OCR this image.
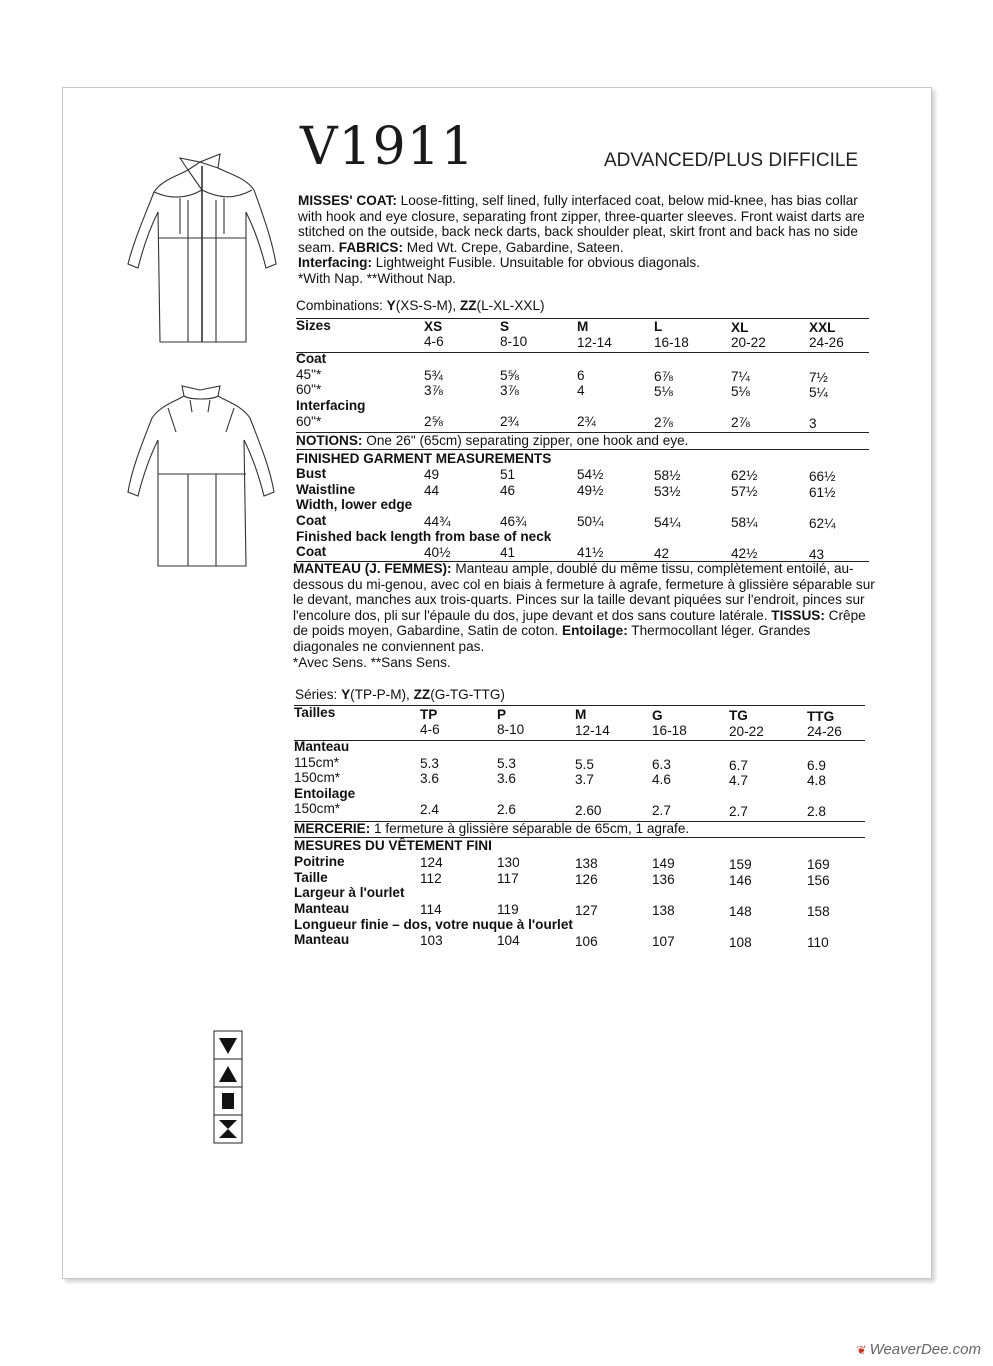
V1911	ADVANCED/PLUS DIFFICILE
MISSES' COAT: Loose-fitting, self lined, fully interfaced coat, below mid-knee, has bias collar with hook and eye closure, separating front zipper, three-quarter sleeves. Front waist darts are stitched on the outside, back neck darts, back shoulder pleat, skirt front and back has no side seam. FABRICS: Med Wt. Crepe, Gabardine, Sateen.
Interfacing: Lightweight Fusible. Unsuitable for obvious diagonals.
*With Nap. **Without Nap.
Combinations: Y(XS-S-M), ZZ(L-XL-XXL)
Sizes	XS	S	M	L	XL	XXL
4-6	8-10	12-14	16-18	20-22	24-26
Coat
45"*	5¾	5⅝	6	6⅞	7¼	7½
60"*	3⅞	3⅞	4	5⅛	5⅛	5¼
Interfacing
60"*	2⅝	2¾	2¾	2⅞	2⅞	3
NOTIONS: One 26" (65cm) separating zipper, one hook and eye.
FINISHED GARMENT MEASUREMENTS
Bust	49	51	54½	58½	62½	66½
Waistline	44	46	49½	53½	57½	61½
Width, lower edge
Coat	44¾	46¾	50¼	54¼	58¼	62¼
Finished back length from base of neck
Coat	40½	41	41½	42	42½	43
MANTEAU (J. FEMMES): Manteau ample, doublé du même tissu, complètement entoilé, au-dessous du mi-genou, avec col en biais à fermeture à agrafe, fermeture à glissière séparable sur le devant, manches aux trois-quarts. Pinces sur la taille devant piquées sur l'endroit, pinces sur l'encolure dos, pli sur l'épaule du dos, jupe devant et dos sans couture latérale. TISSUS: Crêpe de poids moyen, Gabardine, Satin de coton. Entoilage: Thermocollant léger. Grandes diagonales ne conviennent pas.
*Avec Sens. **Sans Sens.
Séries: Y(TP-P-M), ZZ(G-TG-TTG)
Tailles	TP	P	M	G	TG	TTG
4-6	8-10	12-14	16-18	20-22	24-26
Manteau
115cm*	5.3	5.3	5.5	6.3	6.7	6.9
150cm*	3.6	3.6	3.7	4.6	4.7	4.8
Entoilage
150cm*	2.4	2.6	2.60	2.7	2.7	2.8
MERCERIE: 1 fermeture à glissière séparable de 65cm, 1 agrafe.
MESURES DU VÊTEMENT FINI
Poitrine	124	130	138	149	159	169
Taille	112	117	126	136	146	156
Largeur à l'ourlet
Manteau	114	119	127	138	148	158
Longueur finie – dos, votre nuque à l'ourlet
Manteau	103	104	106	107	108	110
❦ WeaverDee.com
